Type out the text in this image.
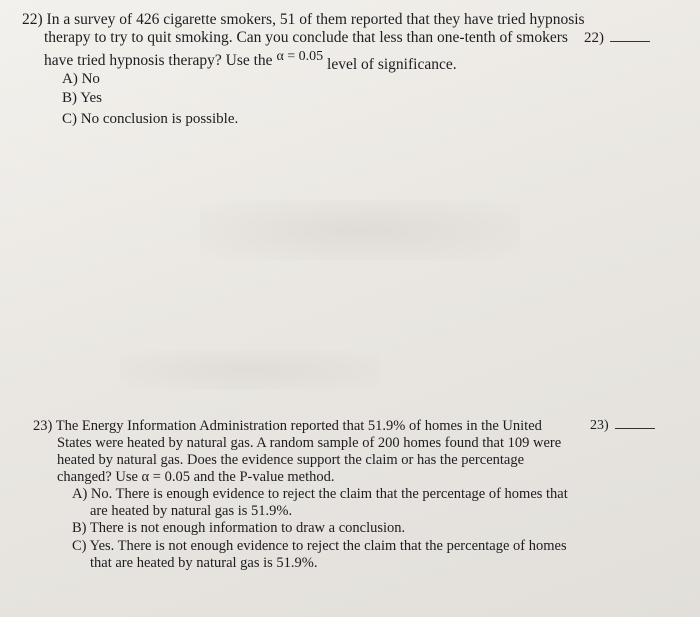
22) In a survey of 426 cigarette smokers, 51 of them reported that they have tried hypnosis

therapy to try to quit smoking. Can you conclude that less than one-tenth of smokers

have tried hypnosis therapy? Use the α = 0.05 level of significance.

22)
A) No
B) Yes
C) No conclusion is possible.

23) The Energy Information Administration reported that 51.9% of homes in the United

States were heated by natural gas. A random sample of 200 homes found that 109 were

heated by natural gas. Does the evidence support the claim or has the percentage

changed? Use α = 0.05 and the P-value method.

23)
A) No. There is enough evidence to reject the claim that the percentage of homes that
are heated by natural gas is 51.9%.
B) There is not enough information to draw a conclusion.
C) Yes. There is not enough evidence to reject the claim that the percentage of homes
that are heated by natural gas is 51.9%.
